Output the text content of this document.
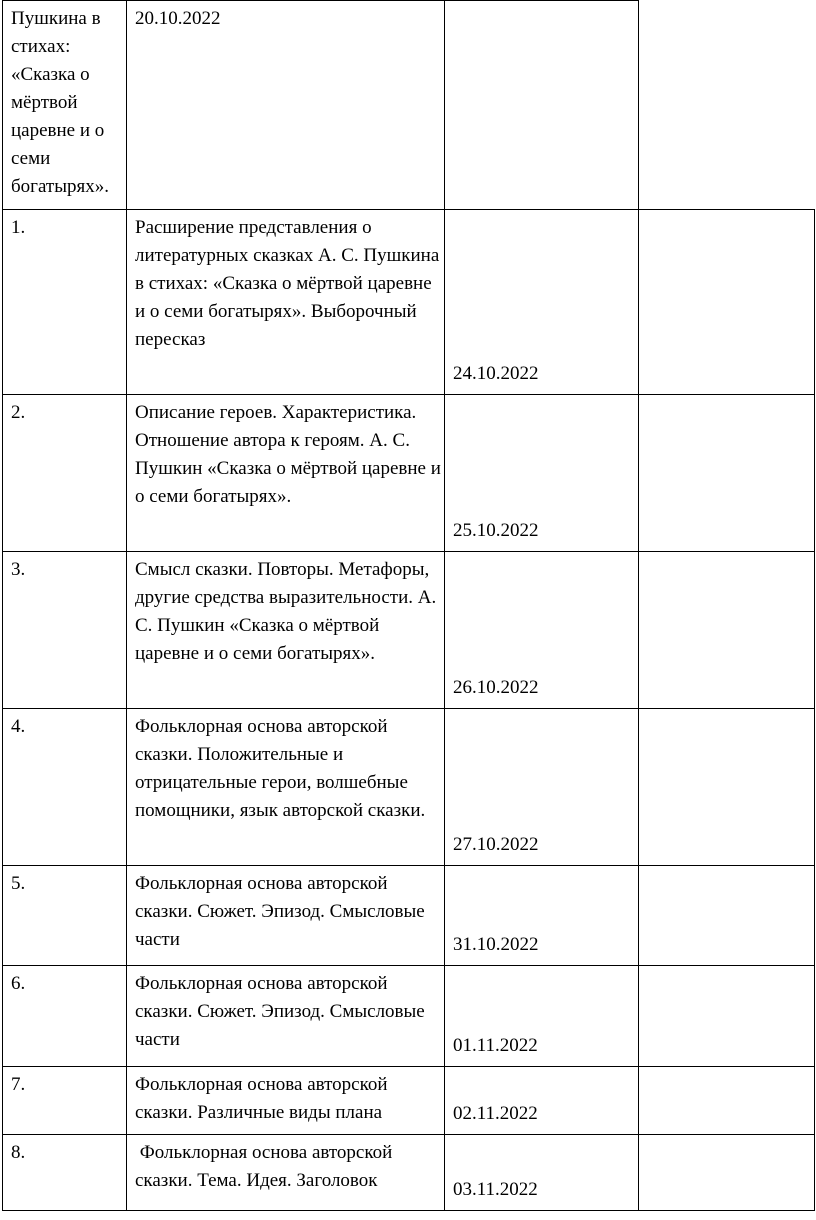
Пушкина в стихах: «Сказка о мёртвой царевне и о семи богатырях».	20.10.2022		

1.	Расширение представления о литературных сказках А. С. Пушкина в стихах: «Сказка о мёртвой царевне и о семи богатырях». Выборочный пересказ	24.10.2022	

2.	Описание героев. Характеристика. Отношение автора к героям. А. С. Пушкин «Сказка о мёртвой царевне и о семи богатырях».	25.10.2022	

3.	Смысл сказки. Повторы. Метафоры, другие средства выразительности. А. С. Пушкин «Сказка о мёртвой царевне и о семи богатырях».	26.10.2022	

4.	Фольклорная основа авторской сказки. Положительные и отрицательные герои, волшебные помощники, язык авторской сказки.	27.10.2022	

5.	Фольклорная основа авторской сказки. Сюжет. Эпизод. Смысловые части	31.10.2022	

6.	Фольклорная основа авторской сказки. Сюжет. Эпизод. Смысловые части	01.11.2022	

7.	Фольклорная основа авторской сказки. Различные виды плана	02.11.2022	

8.	Фольклорная основа авторской сказки. Тема. Идея. Заголовок	03.11.2022	
